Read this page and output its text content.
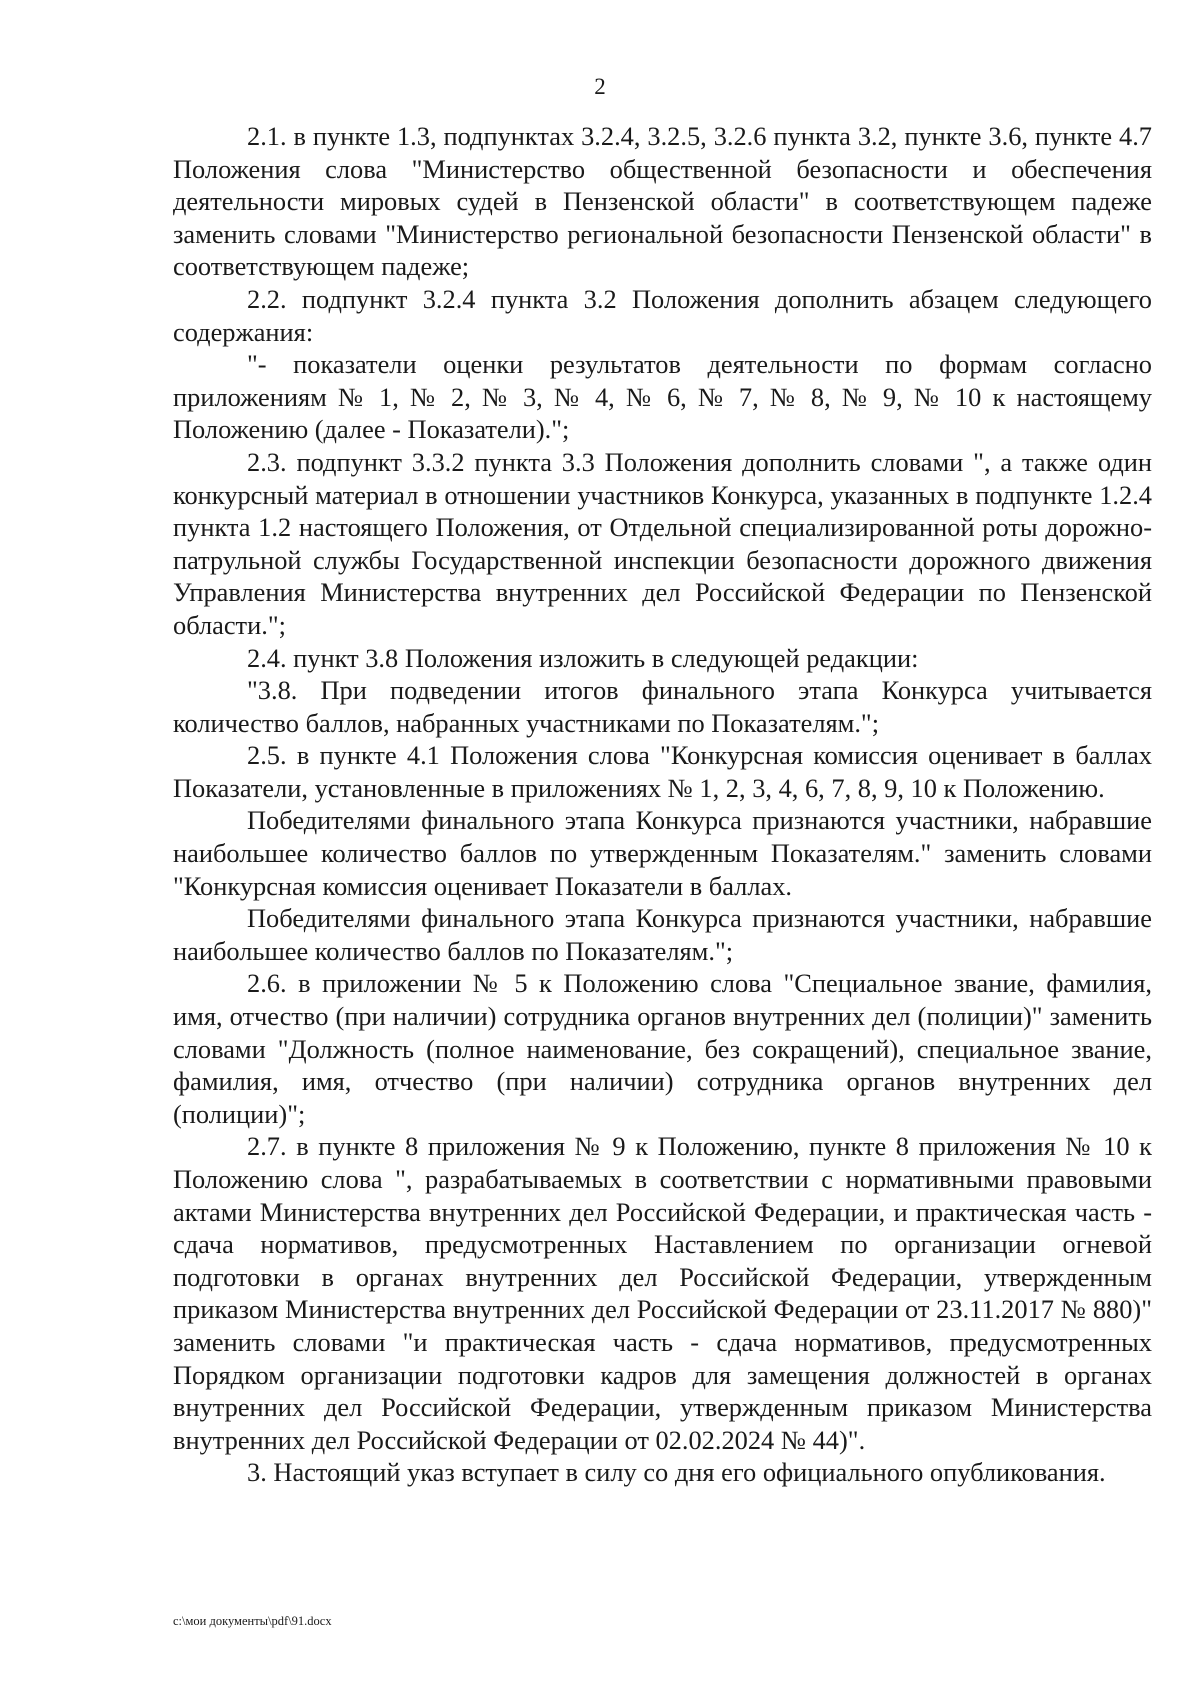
2

2.1. в пункте 1.3, подпунктах 3.2.4, 3.2.5, 3.2.6 пункта 3.2, пункте 3.6, пункте 4.7 Положения слова "Министерство общественной безопасности и обеспечения деятельности мировых судей в Пензенской области" в соответствующем падеже заменить словами "Министерство региональной безопасности Пензенской области" в соответствующем падеже;

2.2. подпункт 3.2.4 пункта 3.2 Положения дополнить абзацем следующего содержания:

"- показатели оценки результатов деятельности по формам согласно приложениям № 1, № 2, № 3, № 4, № 6, № 7, № 8, № 9, № 10 к настоящему Положению (далее - Показатели).";

2.3. подпункт 3.3.2 пункта 3.3 Положения дополнить словами ", а также один конкурсный материал в отношении участников Конкурса, указанных в подпункте 1.2.4 пункта 1.2 настоящего Положения, от Отдельной специализированной роты дорожно-патрульной службы Государственной инспекции безопасности дорожного движения Управления Министерства внутренних дел Российской Федерации по Пензенской области.";

2.4. пункт 3.8 Положения изложить в следующей редакции:

"3.8. При подведении итогов финального этапа Конкурса учитывается количество баллов, набранных участниками по Показателям.";

2.5. в пункте 4.1 Положения слова "Конкурсная комиссия оценивает в баллах Показатели, установленные в приложениях № 1, 2, 3, 4, 6, 7, 8, 9, 10 к Положению.

Победителями финального этапа Конкурса признаются участники, набравшие наибольшее количество баллов по утвержденным Показателям." заменить словами "Конкурсная комиссия оценивает Показатели в баллах.

Победителями финального этапа Конкурса признаются участники, набравшие наибольшее количество баллов по Показателям.";

2.6. в приложении № 5 к Положению слова "Специальное звание, фамилия, имя, отчество (при наличии) сотрудника органов внутренних дел (полиции)" заменить словами "Должность (полное наименование, без сокращений), специальное звание, фамилия, имя, отчество (при наличии) сотрудника органов внутренних дел (полиции)";

2.7. в пункте 8 приложения № 9 к Положению, пункте 8 приложения № 10 к Положению слова ", разрабатываемых в соответствии с нормативными правовыми актами Министерства внутренних дел Российской Федерации, и практическая часть - сдача нормативов, предусмотренных Наставлением по организации огневой подготовки в органах внутренних дел Российской Федерации, утвержденным приказом Министерства внутренних дел Российской Федерации от 23.11.2017 № 880)" заменить словами "и практическая часть - сдача нормативов, предусмотренных Порядком организации подготовки кадров для замещения должностей в органах внутренних дел Российской Федерации, утвержденным приказом Министерства внутренних дел Российской Федерации от 02.02.2024 № 44)".

3. Настоящий указ вступает в силу со дня его официального опубликования.

c:\мои документы\pdf\91.docx
